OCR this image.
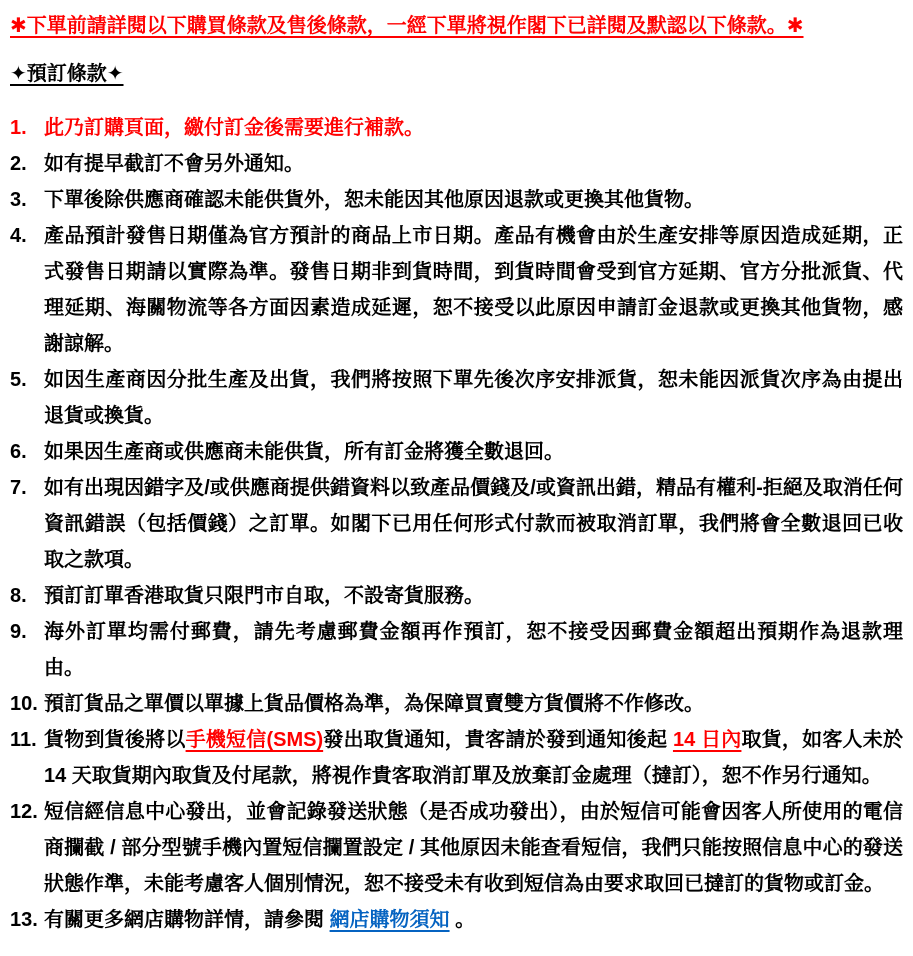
✱下單前請詳閱以下購買條款及售後條款，一經下單將視作閣下已詳閱及默認以下條款。✱

✦預訂條款✦

1. 此乃訂購頁面，繳付訂金後需要進行補款。
2. 如有提早截訂不會另外通知。
3. 下單後除供應商確認未能供貨外，恕未能因其他原因退款或更換其他貨物。
4. 產品預計發售日期僅為官方預計的商品上市日期。產品有機會由於生產安排等原因造成延期，正式發售日期請以實際為準。發售日期非到貨時間，到貨時間會受到官方延期、官方分批派貨、代理延期、海關物流等各方面因素造成延遲，恕不接受以此原因申請訂金退款或更換其他貨物，感謝諒解。
5. 如因生產商因分批生產及出貨，我們將按照下單先後次序安排派貨，恕未能因派貨次序為由提出退貨或換貨。
6. 如果因生產商或供應商未能供貨，所有訂金將獲全數退回。
7. 如有出現因錯字及/或供應商提供錯資料以致產品價錢及/或資訊出錯，精品有權利-拒絕及取消任何資訊錯誤（包括價錢）之訂單。如閣下已用任何形式付款而被取消訂單，我們將會全數退回已收取之款項。
8. 預訂訂單香港取貨只限門市自取，不設寄貨服務。
9. 海外訂單均需付郵費，請先考慮郵費金額再作預訂，恕不接受因郵費金額超出預期作為退款理由。
10. 預訂貨品之單價以單據上貨品價格為準，為保障買賣雙方貨價將不作修改。
11. 貨物到貨後將以手機短信(SMS)發出取貨通知，貴客請於發到通知後起 14 日內取貨，如客人未於 14 天取貨期內取貨及付尾款，將視作貴客取消訂單及放棄訂金處理（撻訂），恕不作另行通知。
12. 短信經信息中心發出，並會記錄發送狀態（是否成功發出），由於短信可能會因客人所使用的電信商攔截 / 部分型號手機內置短信攔置設定 / 其他原因未能查看短信，我們只能按照信息中心的發送狀態作準，未能考慮客人個別情況，恕不接受未有收到短信為由要求取回已撻訂的貨物或訂金。
13. 有關更多網店購物詳情，請參閱 網店購物須知 。
